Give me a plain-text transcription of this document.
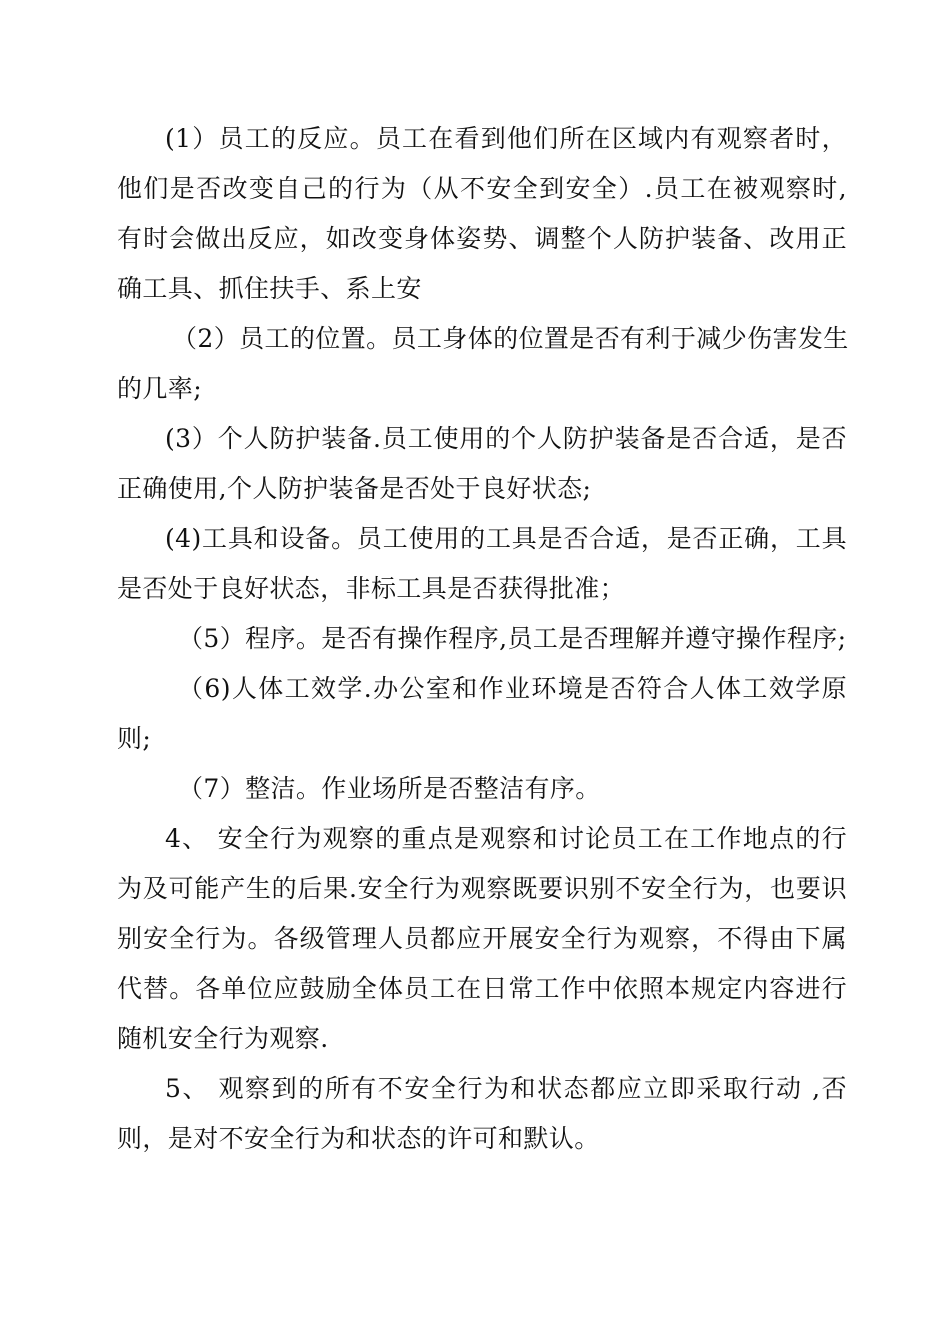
(1）员工的反应。员工在看到他们所在区域内有观察者时，
他们是否改变自己的行为（从不安全到安全）.员工在被观察时,
有时会做出反应，如改变身体姿势、调整个人防护装备、改用正
确工具、抓住扶手、系上安
（2）员工的位置。员工身体的位置是否有利于减少伤害发生
的几率;
(3）个人防护装备.员工使用的个人防护装备是否合适，是否
正确使用,个人防护装备是否处于良好状态;
(4)工具和设备。员工使用的工具是否合适，是否正确，工具
是否处于良好状态，非标工具是否获得批准；
（5）程序。是否有操作程序,员工是否理解并遵守操作程序;
（6)人体工效学.办公室和作业环境是否符合人体工效学原
则;
（7）整洁。作业场所是否整洁有序。
4、 安全行为观察的重点是观察和讨论员工在工作地点的行
为及可能产生的后果.安全行为观察既要识别不安全行为，也要识
别安全行为。各级管理人员都应开展安全行为观察，不得由下属
代替。各单位应鼓励全体员工在日常工作中依照本规定内容进行
随机安全行为观察.
5、 观察到的所有不安全行为和状态都应立即采取行动 ,否
则，是对不安全行为和状态的许可和默认。
